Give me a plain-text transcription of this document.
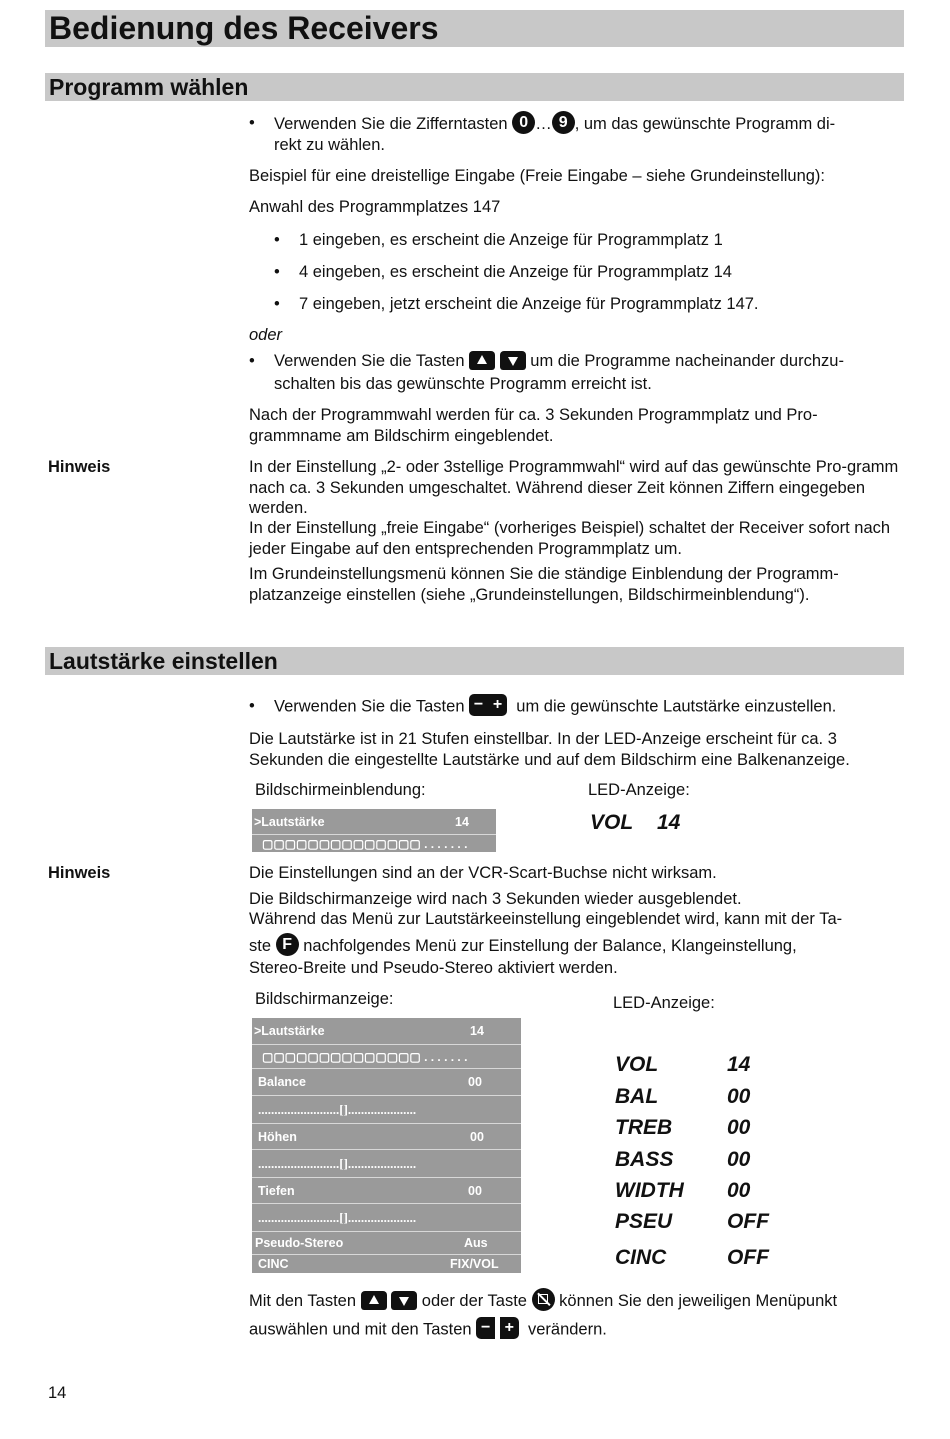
Bedienung des Receivers
Programm wählen
• Verwenden Sie die Zifferntasten 0 … 9 , um das gewünschte Programm di-
rekt zu wählen.
Beispiel für eine dreistellige Eingabe (Freie Eingabe – siehe Grundeinstellung):
Anwahl des Programmplatzes 147
• 1 eingeben, es erscheint die Anzeige für Programmplatz 1
• 4 eingeben, es erscheint die Anzeige für Programmplatz 14
• 7 eingeben, jetzt erscheint die Anzeige für Programmplatz 147.
oder
• Verwenden Sie die Tasten	um die Programme nacheinander durchzu-
schalten bis das gewünschte Programm erreicht ist.
Nach der Programmwahl werden für ca. 3 Sekunden Programmplatz und Pro-grammname am Bildschirm eingeblendet.
Hinweis	In der Einstellung „2- oder 3stellige Programmwahl“ wird auf das gewünschte Pro-gramm nach ca. 3 Sekunden umgeschaltet. Während dieser Zeit können Ziffern eingegeben werden.
In der Einstellung „freie Eingabe“ (vorheriges Beispiel) schaltet der Receiver sofort nach jeder Eingabe auf den entsprechenden Programmplatz um.
Im Grundeinstellungsmenü können Sie die ständige Einblendung der Programm-platzanzeige einstellen (siehe „Grundeinstellungen, Bildschirmeinblendung“).
Lautstärke einstellen
• Verwenden Sie die Tasten − + um die gewünschte Lautstärke einzustellen.
Die Lautstärke ist in 21 Stufen einstellbar. In der LED-Anzeige erscheint für ca. 3 Sekunden die eingestellte Lautstärke und auf dem Bildschirm eine Balkenanzeige.
Bildschirmeinblendung:	LED-Anzeige:
>Lautstärke	14
▢▢▢▢▢▢▢▢▢▢▢▢▢▢ . . . . . . .
VOL 14
Hinweis	Die Einstellungen sind an der VCR-Scart-Buchse nicht wirksam.
Die Bildschirmanzeige wird nach 3 Sekunden wieder ausgeblendet.
Während das Menü zur Lautstärkeeinstellung eingeblendet wird, kann mit der Ta-
ste F nachfolgendes Menü zur Einstellung der Balance, Klangeinstellung,
Stereo-Breite und Pseudo-Stereo aktiviert werden.
Bildschirmanzeige:	LED-Anzeige:
>Lautstärke	14
▢▢▢▢▢▢▢▢▢▢▢▢▢▢ . . . . . . .
Balance	00
.........................[].....................
Höhen	00
.........................[].....................
Tiefen	00
.........................[].....................
Pseudo-Stereo	Aus
CINC	FIX/VOL
VOL	14
BAL	00
TREB	00
BASS	00
WIDTH 00
PSEU	OFF
CINC	OFF
Mit den Tasten	oder der Taste können Sie den jeweiligen Menüpunkt
auswählen und mit den Tasten − + verändern.
14
